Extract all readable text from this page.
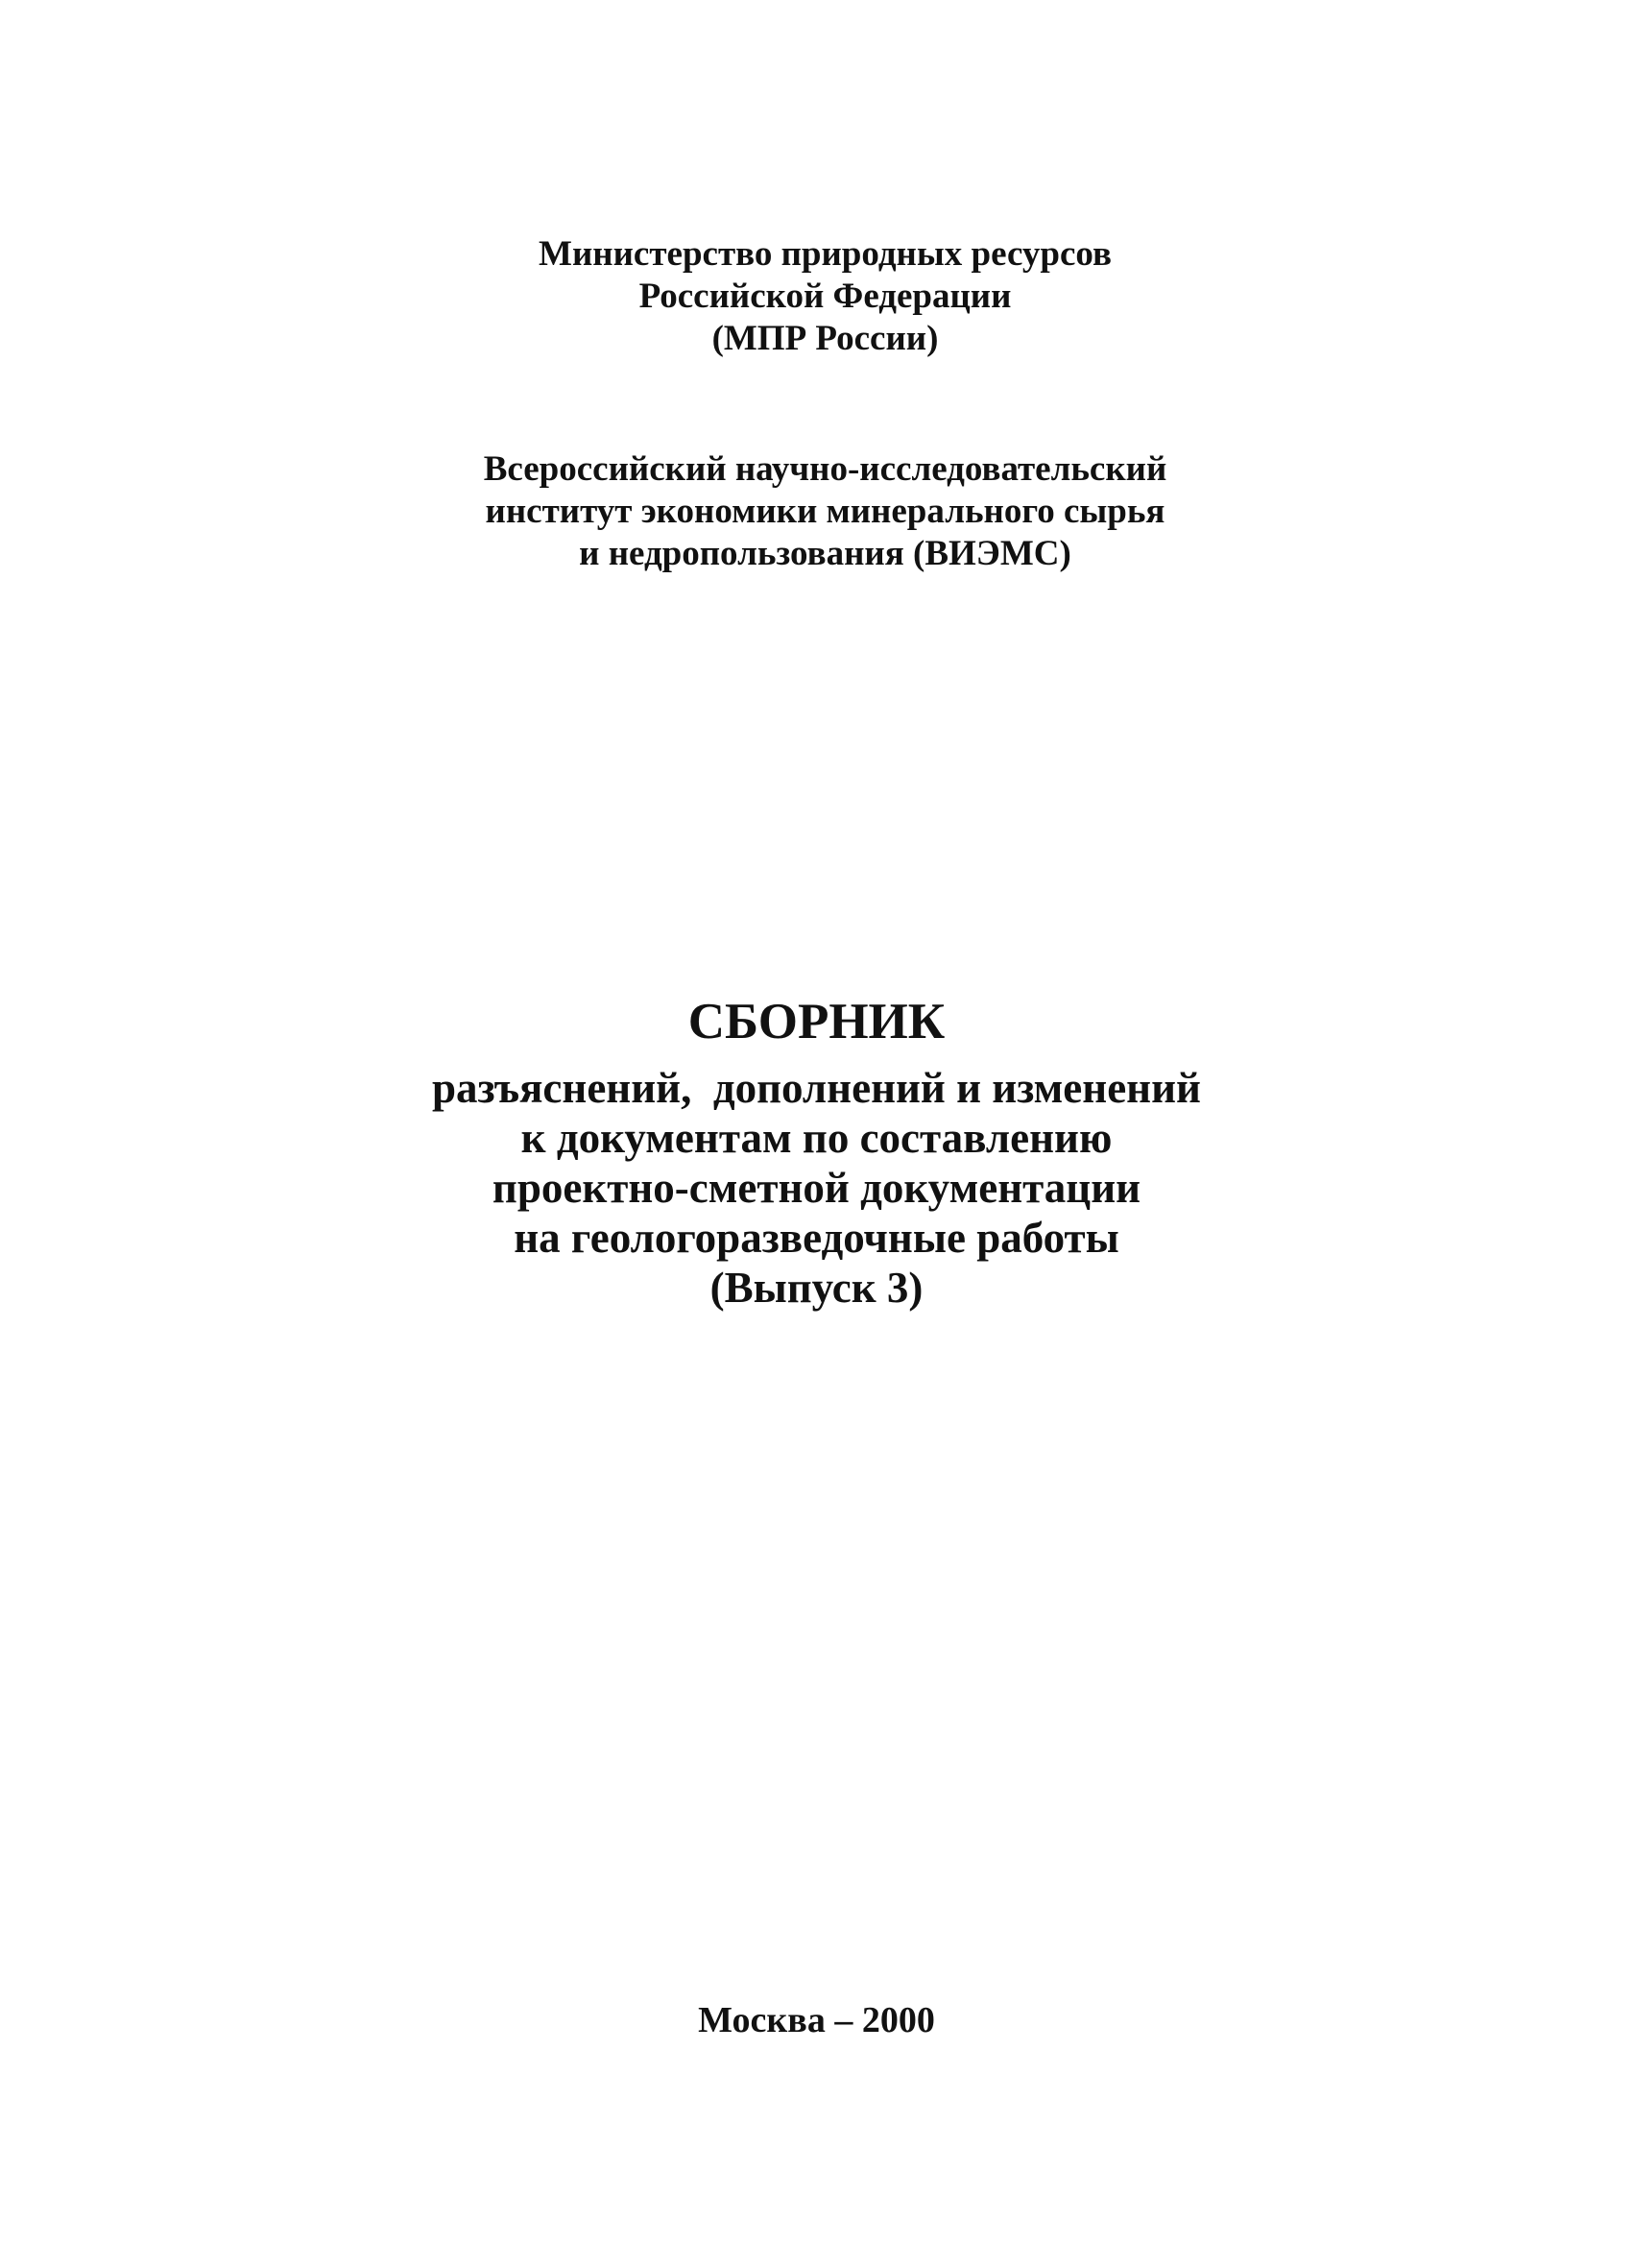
Министерство природных ресурсов
Российской Федерации
(МПР России)
Всероссийский научно-исследовательский
институт экономики минерального сырья
и недропользования (ВИЭМС)
СБОРНИК
разъяснений,  дополнений и изменений
к документам по составлению
проектно-сметной документации
на геологоразведочные работы
(Выпуск 3)
Москва – 2000
